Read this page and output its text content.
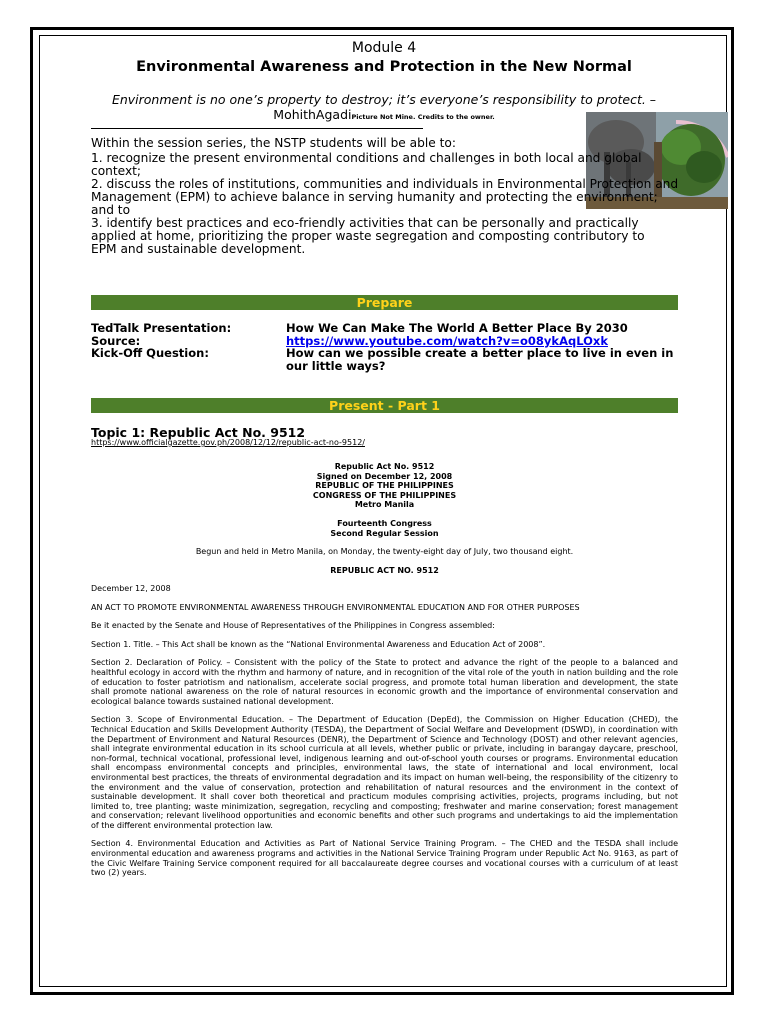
Module 4
Environmental Awareness and Protection in the New Normal
Environment is no one’s property to destroy; it’s everyone’s responsibility to protect. – MohithAgadiPicture Not Mine. Credits to the owner.
Within the session series, the NSTP students will be able to:
1. recognize the present environmental conditions and challenges in both local and global context;
2. discuss the roles of institutions, communities and individuals in Environmental Protection and Management (EPM) to achieve balance in serving humanity and protecting the environment; and to
3. identify best practices and eco-friendly activities that can be personally and practically
applied at home, prioritizing the proper waste segregation and composting contributory to
EPM and sustainable development.
Prepare
TedTalk Presentation:	How We Can Make The World A Better Place By 2030
Source:	https://www.youtube.com/watch?v=o08ykAqLOxk
Kick-Off Question:	How can we possible create a better place to live in even in our little ways?
Present - Part 1
Topic 1: Republic Act No. 9512
https://www.officialgazette.gov.ph/2008/12/12/republic-act-no-9512/
Republic Act No. 9512
Signed on December 12, 2008
REPUBLIC OF THE PHILIPPINES
CONGRESS OF THE PHILIPPINES
Metro Manila
Fourteenth Congress
Second Regular Session
Begun and held in Metro Manila, on Monday, the twenty-eight day of July, two thousand eight.
REPUBLIC ACT NO. 9512

December 12, 2008

AN ACT TO PROMOTE ENVIRONMENTAL AWARENESS THROUGH ENVIRONMENTAL EDUCATION AND FOR OTHER PURPOSES

Be it enacted by the Senate and House of Representatives of the Philippines in Congress assembled:

Section 1. Title. – This Act shall be known as the “National Environmental Awareness and Education Act of 2008”.

Section 2. Declaration of Policy. – Consistent with the policy of the State to protect and advance the right of the people to a balanced and healthful ecology in accord with the rhythm and harmony of nature, and in recognition of the vital role of the youth in nation building and the role of education to foster patriotism and nationalism, accelerate social progress, and promote total human liberation and development, the state shall promote national awareness on the role of natural resources in economic growth and the importance of environmental conservation and ecological balance towards sustained national development.

Section 3. Scope of Environmental Education. – The Department of Education (DepEd), the Commission on Higher Education (CHED), the Technical Education and Skills Development Authority (TESDA), the Department of Social Welfare and Development (DSWD), in coordination with the Department of Environment and Natural Resources (DENR), the Department of Science and Technology (DOST) and other relevant agencies, shall integrate environmental education in its school curricula at all levels, whether public or private, including in barangay daycare, preschool, non-formal, technical vocational, professional level, indigenous learning and out-of-school youth courses or programs. Environmental education shall encompass environmental concepts and principles, environmental laws, the state of international and local environment, local environmental best practices, the threats of environmental degradation and its impact on human well-being, the responsibility of the citizenry to the environment and the value of conservation, protection and rehabilitation of natural resources and the environment in the context of sustainable development. It shall cover both theoretical and practicum modules comprising activities, projects, programs including, but not limited to, tree planting; waste minimization, segregation, recycling and composting; freshwater and marine conservation; forest management and conservation; relevant livelihood opportunities and economic benefits and other such programs and undertakings to aid the implementation of the different environmental protection law.

Section 4. Environmental Education and Activities as Part of National Service Training Program. – The CHED and the TESDA shall include environmental education and awareness programs and activities in the National Service Training Program under Republic Act No. 9163, as part of the Civic Welfare Training Service component required for all baccalaureate degree courses and vocational courses with a curriculum of at least two (2) years.
